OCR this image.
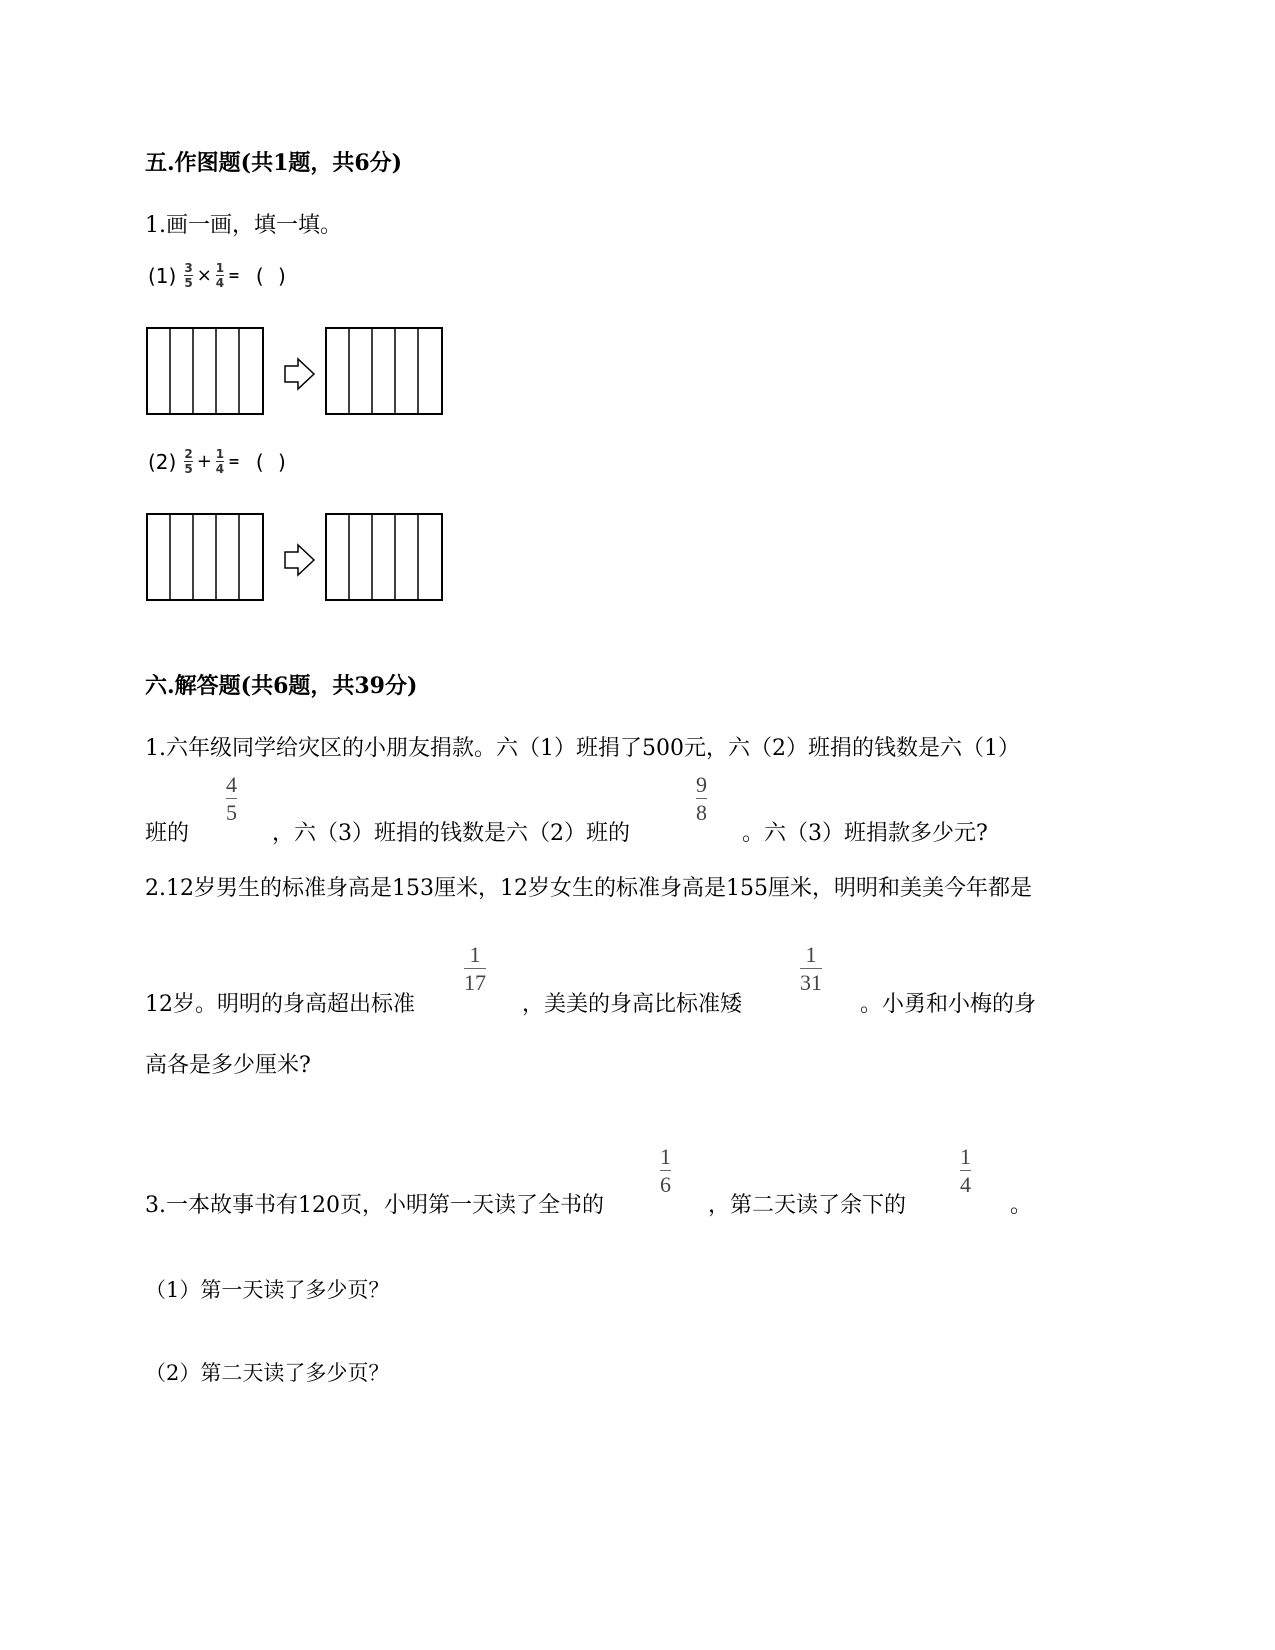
五.作图题(共1题，共6分)
1.画一画，填一填。
$(1) \frac{3}{5} \times \frac{1}{4}$ = ( )
$(2) \frac{2}{5} + \frac{1}{4}$ = ( )
六.解答题(共6题，共39分)
1.六年级同学给灾区的小朋友捐款。六（1）班捐了500元，六（2）班捐的钱数是六（1）
班的
4
5
，六（3）班捐的钱数是六（2）班的
9
8
。六（3）班捐款多少元?
2.12岁男生的标准身高是153厘米，12岁女生的标准身高是155厘米，明明和美美今年都是
12岁。明明的身高超出标准
1
17
，美美的身高比标准矮
1
31
。小勇和小梅的身
高各是多少厘米?
3.一本故事书有120页，小明第一天读了全书的
1
6
，第二天读了余下的
1
4
。
（1）第一天读了多少页？
（2）第二天读了多少页？
